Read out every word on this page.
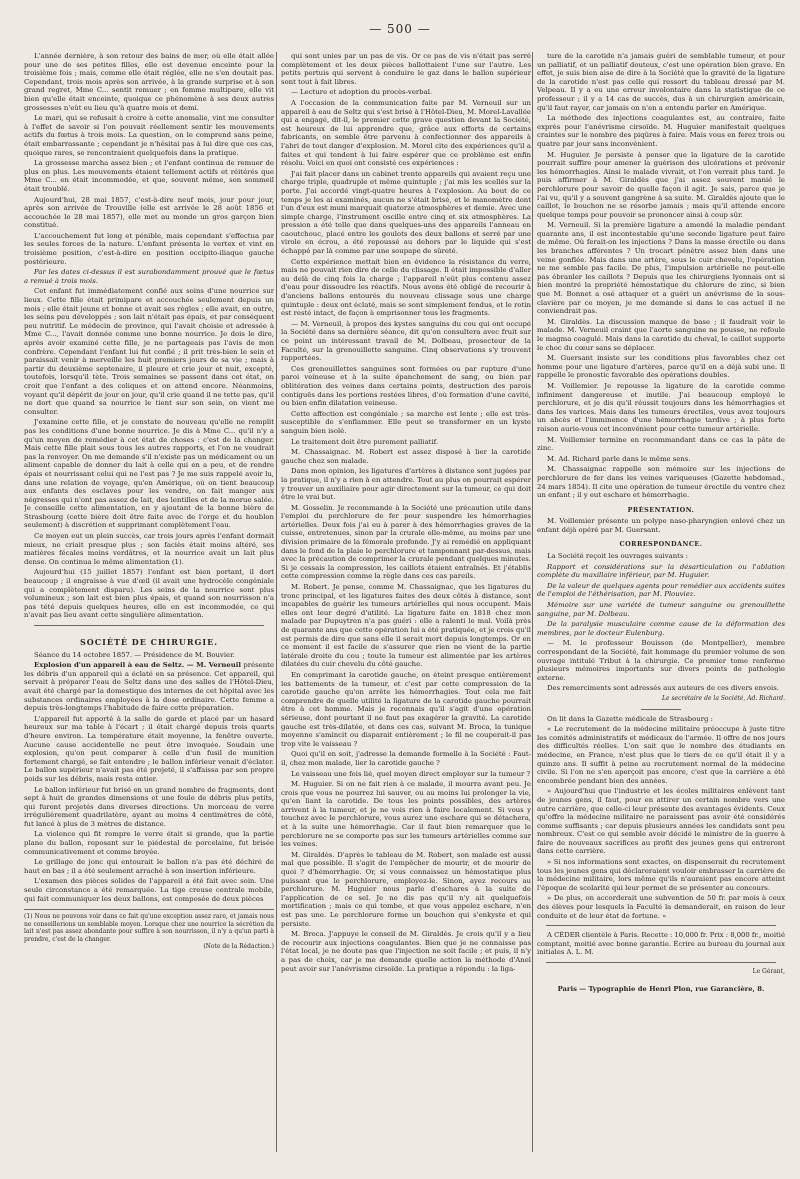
— 500 —

L'année dernière, à son retour des bains de mer, où elle était allée pour une de ses petites filles, elle est devenue enceinte pour la troisième fois ; mais, comme elle était réglée, elle ne s'en doutait pas. Cependant, trois mois après son arrivée, à la grande surprise et à son grand regret, Mme C... sentit remuer ; en femme multipare, elle vit bien qu'elle était enceinte, quoique ce phénomène à ses deux autres grossesses n'eût eu lieu qu'à quatre mois et demi.

Le mari, qui se refusait à croire à cette anomalie, vint me consulter à l'effet de savoir si l'on pouvait réellement sentir les mouvements actifs du fœtus à trois mois. La question, on le comprend sans peine, était embarrassante ; cependant je n'hésitai pas à lui dire que ces cas, quoique rares, se rencontraient quelquefois dans la pratique.

La grossesse marcha assez bien ; et l'enfant continua de remuer de plus en plus. Les mouvements étaient tellement actifs et réitérés que Mme C... en était incommodée, et que, souvent même, son sommeil était troublé.

Aujourd'hui, 28 mai 1857, c'est-à-dire neuf mois, jour pour jour, après son arrivée de Trouville (elle est arrivée le 28 août 1856 et accouchée le 28 mai 1857), elle met au monde un gros garçon bien constitué.

L'accouchement fut long et pénible, mais cependant s'effectua par les seules forces de la nature. L'enfant présenta le vertex et vint en troisième position, c'est-à-dire en position occipito-iliaque gauche postérieure.

Par les dates ci-dessus il est surabondamment prouvé que le fœtus a remué à trois mois.

Cet enfant fut immédiatement confié aux soins d'une nourrice sur lieux. Cette fille était primipare et accouchée seulement depuis un mois ; elle était jeune et bonne et avait ses règles ; elle avait, en outre, les seins peu développés ; son lait n'était pas épais, et par conséquent peu nutritif. Le médecin de province, qui l'avait choisie et adressée à Mme C..., l'avait donnée comme une bonne nourrice. Je dois le dire, après avoir examiné cette fille, je ne partageais pas l'avis de mon confrère. Cependant l'enfant lui fut confié ; il prit très-bien le sein et paraissait venir à merveille les huit premiers jours de sa vie ; mais à partir du deuxième septenaire, il pleure et crie jour et nuit, excepté, toutefois, lorsqu'il tète. Trois semaines se passent dans cet état, on croit que l'enfant a des coliques et on attend encore. Néanmoins, voyant qu'il dépérit de jour en jour, qu'il crie quand il ne tette pas, qu'il ne dort que quand sa nourrice le tient sur son sein, on vient me consulter.

J'examine cette fille, et je constate de nouveau qu'elle ne remplit pas les conditions d'une bonne nourrice. Je dis à Mme C... qu'il n'y a qu'un moyen de remédier à cet état de choses : c'est de la changer. Mais cette fille plait sous tous les autres rapports, et l'on ne voudrait pas la renvoyer. On me demande s'il n'existe pas un médicament ou un aliment capable de donner du lait à celle qui en a peu, et de rendre épais et nourrissant celui qui ne l'est pas ? Je me suis rappelé avoir lu, dans une relation de voyage, qu'en Amérique, où on tient beaucoup aux enfants des esclaves pour les vendre, on fait manger aux négresses qui n'ont pas assez de lait, des lentilles et de la morue salée. Je conseille cette alimentation, en y ajoutant de la bonne bière de Strasbourg (cette bière doit être faite avec de l'orge et du houblon seulement) à discrétion et supprimant complètement l'eau.

Ce moyen eut un plein succès, car trois jours après l'enfant dormait mieux, ne criait presque plus ; son faciès était moins altéré, ses matières fécales moins verdâtres, et la nourrice avait un lait plus dense. On continua le même alimentation (1).

Aujourd'hui (15 juillet 1857) l'enfant est bien portant, il dort beaucoup ; il engraisse à vue d'œil (il avait une hydrocèle congéniale qui a complètement disparu). Les seins de la nourrice sont plus volumineux ; son lait est bien plus épais, et quand son nourrisson n'a pas tété depuis quelques heures, elle en est incommodée, ce qui n'avait pas lieu avant cette singulière alimentation.

SOCIÉTÉ DE CHIRURGIE.

Séance du 14 octobre 1857. — Présidence de M. Bouvier.

Explosion d'un appareil à eau de Seltz. — M. Verneuil présente les débris d'un appareil qui a éclaté en sa présence. Cet appareil, qui servait à préparer l'eau de Seltz dans une des salles de l'Hôtel-Dieu, avait été chargé par la domestique des internes de cet hôpital avec les substances ordinaires employées à la dose ordinaire. Cette femme a depuis très-longtemps l'habitude de faire cette préparation.

L'appareil fut apporté à la salle de garde et placé par un hasard heureux sur ma table à l'écart ; il était chargé depuis trois quarts d'heure environ. La température était moyenne, la fenêtre ouverte. Aucune cause accidentelle ne peut être invoquée. Soudain une explosion, qu'on peut comparer à celle d'un fusil de munition fortement chargé, se fait entendre ; le ballon inférieur venait d'éclater. Le ballon supérieur n'avait pas été projeté, il s'affaissa par son propre poids sur les débris, mais resta entier.

Le ballon inférieur fut brisé en un grand nombre de fragments, dont sept à huit de grandes dimensions et une foule de débris plus petits, qui furent projetés dans diverses directions. Un morceau de verre irrégulièrement quadrilatère, ayant au moins 4 centimètres de côté, fut lancé à plus de 3 mètres de distance.

La violence qui fit rompre le verre était si grande, que la partie plane du ballon, reposant sur le piédestal de porcelaine, fut brisée communicativement et comme broyée.

Le grillage de jonc qui entourait le ballon n'a pas été déchiré de haut en bas ; il a été seulement arraché à son insertion inférieure.

L'examen des pièces solides de l'appareil a été fait avec soin. Une seule circonstance a été remarquée. La tige creuse centrale mobile, qui fait communiquer les deux ballons, est composée de deux pièces

(1) Nous ne pouvons voir dans ce fait qu'une exception assez rare, et jamais nous ne conseillerions un semblable moyen. Lorsque chez une nourrice la sécrétion du lait n'est pas assez abondante pour suffire à son nourrisson, il n'y a qu'un parti à prendre, c'est de la changer.
(Note de la Rédaction.)

qui sont unies par un pas de vis. Or ce pas de vis n'était pas serré complètement et les deux pièces ballottaient l'une sur l'autre. Les petits pertuis qui servent à conduire le gaz dans le ballon supérieur sont tout à fait libres.

— Lecture et adoption du procès-verbal.

A l'occasion de la communication faite par M. Verneuil sur un appareil à eau de Seltz qui s'est brisé à l'Hôtel-Dieu, M. Morel-Lavallée qui a engagé, dit-il, le premier cette grave question devant la Société, est heureux de lui apprendre que, grâce aux efforts de certains fabricants, on semble être parvenu à confectionner des appareils à l'abri de tout danger d'explosion. M. Morel cite des expériences qu'il a faites et qui tendent à lui faire espérer que ce problème est enfin résolu. Voici en quoi ont consisté ces expériences :

J'ai fait placer dans un cabinet trente appareils qui avaient reçu une charge triple, quadruple et même quintuple ; j'ai mis les scellés sur la porte. J'ai accordé vingt-quatre heures à l'explosion. Au bout de ce temps je les ai examinés, aucun ne s'était brisé, et le manomètre dont l'un d'eux est muni marquait quatorze atmosphères et demie. Avec une simple charge, l'instrument oscille entre cinq et six atmosphères. La pression a été telle que dans quelques-uns des appareils l'anneau en caoutchouc, placé entre les goulots des deux ballons et serré par une virole en écrou, a été repoussé au dehors par le liquide qui s'est échappé par là comme par une soupape de sûreté.

Cette expérience mettait bien en évidence la résistance du verre, mais ne pouvait rien dire de celle du clissage. Il était impossible d'aller au delà de cinq fois la charge ; l'appareil n'eût plus contenu assez d'eau pour dissoudre les réactifs. Nous avons été obligé de recourir à d'anciens ballons entourés du nouveau clissage sous une charge quintuple : deux ont éclaté, mais se sont simplement fendus, et le rotin est resté intact, de façon à emprisonner tous les fragments.

— M. Verneuil, à propos des kystes sanguins du cou qui ont occupé la Société dans sa dernière séance, dit qu'on consultera avec fruit sur ce point un intéressant travail de M. Dolbeau, prosecteur de la Faculté, sur la grenouillette sanguine. Cinq observations s'y trouvent rapportées.

Ces grenouillettes sanguines sont formées ou par rupture d'une paroi veineuse et à la suite épanchement de sang, ou bien par oblitération des veines dans certains points, destruction des parois contiguës dans les portions restées libres, d'où formation d'une cavité, ou bien enfin dilatation veineuse.

Cette affection est congéniale ; sa marche est lente ; elle est très-susceptible de s'enflammer. Elle peut se transformer en un kyste sanguin bien isolé.

Le traitement doit être purement palliatif.

M. Chassaignac. M. Robert est assez disposé à lier la carotide gauche chez son malade.

Dans mon opinion, les ligatures d'artères à distance sont jugées par la pratique, il n'y a rien à en attendre. Tout au plus on pourrait espérer y trouver un auxiliaire pour agir directement sur la tumeur, ce qui doit être le vrai but.

M. Gosselin. Je recommande à la Société une précaution utile dans l'emploi du perchlorure de fer pour suspendre les hémorrhagies artérielles. Deux fois j'ai eu à parer à des hémorrhagies graves de la cuisse, entretenues, sinon par la crurale elle-même, au moins par une division primaire de la fémorale profonde. J'y ai remédié en appliquant dans le fond de la plaie le perchlorure et tamponnant par-dessus, mais avec la précaution de comprimer la crurale pendant quelques minutes. Si je cessais la compression, les caillots étaient entraînés. Et j'établis cette compression comme la règle dans ces cas pareils.

M. Robert. Je pense, comme M. Chassaignac, que les ligatures du tronc principal, et les ligatures faites des deux côtés à distance, sont incapables de guérir les tumeurs artérielles qui nous occupent. Mais elles ont leur degré d'utilité. La ligature faite en 1818 chez mon malade par Dupuytren n'a pas guéri : elle a ralenti le mal. Voilà près de quarante ans que cette opération lui a été pratiquée, et je crois qu'il est permis de dire que sans elle il serait mort depuis longtemps. Or en ce moment il est facile de s'assurer que rien ne vient de la partie latérale droite du cou ; toute la tumeur est alimentée par les artères dilatées du cuir chevelu du côté gauche.

En comprimant la carotide gauche, on éteint presque entièrement les battements de la tumeur, et c'est par cette compression de la carotide gauche qu'on arrête les hémorrhagies. Tout cela me fait comprendre de quelle utilité la ligature de la carotide gauche pourrait être à cet homme. Mais je reconnais qu'il s'agit d'une opération sérieuse, dont pourtant il ne faut pas exagérer la gravité. La carotide gauche est très-dilatée, et dans ces cas, suivant M. Broca, la tunique moyenne s'amincit ou disparait entièrement ; le fil ne couperait-il pas trop vite le vaisseau ?

Quoi qu'il en soit, j'adresse la demande formelle à la Société : Faut-il, chez mon malade, lier la carotide gauche ?

Le vaisseau une fois lié, quel moyen direct employer sur la tumeur ?

M. Huguier. Si on ne fait rien à ce malade, il mourra avant peu. Je crois que vous ne pourrez lui sauver, ou au moins lui prolonger la vie, qu'en liant la carotide. De tous les points possibles, des artères arrivent à la tumeur, et je ne vois rien à faire localement. Si vous y touchez avec le perchlorure, vous aurez une eschare qui se détachera, et à la suite une hémorrhagie. Car il faut bien remarquer que le perchlorure ne se comporte pas sur les tumeurs artérielles comme sur les veines.

M. Giraldès. D'après le tableau de M. Robert, son malade est aussi mal que possible. Il s'agit de l'empêcher de mourir, et de mourir de quoi ? d'hémorrhagie. Or, si vous connaissez un hémostatique plus puissant que le perchlorure, employez-le. Sinon, ayez recours au perchlorure. M. Huguier nous parle d'eschares à la suite de l'application de ce sel. Je ne dis pas qu'il n'y ait quelquefois mortification ; mais ce qui tombe, et que vous appelez eschare, n'en est pas une. Le perchlorure forme un bouchon qui s'enkyste et qui persiste.

M. Broca. J'appuye le conseil de M. Giraldès. Je crois qu'il y a lieu de recourir aux injections coagulantes. Bien que je ne connaisse pas l'état local, je ne doute pas que l'injection ne soit facile ; et puis, il n'y a pas de choix, car je me demande quelle action la méthode d'Anel peut avoir sur l'anévrisme cirsoïde. La pratique a répondu : la liga-

ture de la carotide n'a jamais guéri de semblable tumeur, et pour un palliatif, et un palliatif douteux, c'est une opération bien grave. En effet, je suis bien aise de dire à la Société que la gravité de la ligature de la carotide n'est pas celle qui ressort du tableau dressé par M. Velpeau. Il y a eu une erreur involontaire dans la statistique de ce professeur ; il y a 14 cas de succès, dus à un chirurgien américain, qu'il faut rayer, car jamais on n'en a entendu parler en Amérique.

La méthode des injections coagulantes est, au contraire, faite exprès pour l'anévrisme cirsoïde. M. Huguier manifestait quelques craintes sur le nombre des piqûres à faire. Mais vous en ferez trois ou quatre par jour sans inconvénient.

M. Huguier. Je persiste à penser que la ligature de la carotide pourrait suffire pour amener la guérison des ulcérations et prévenir les hémorrhagies. Ainsi le malade vivrait, et l'on verrait plus tard. Je puis affirmer à M. Giraldès que j'ai assez souvent manié le perchlorure pour savoir de quelle façon il agit. Je sais, parce que je l'ai vu, qu'il y a souvent gangrène à sa suite. M. Giraldès ajoute que le caillot, le bouchon ne se résorbe jamais ; mais qu'il attende encore quelque temps pour pouvoir se prononcer ainsi à coup sûr.

M. Verneuil. Si la première ligature a amendé la maladie pendant quarante ans, il est incontestable qu'une seconde ligature peut faire de même. Où ferait-on les injections ? Dans la masse érectile ou dans les branches afférentes ? Un trocart pénètre assez bien dans une veine gonflée. Mais dans une artère, sous le cuir chevelu, l'opération ne me semble pas facile. De plus, l'impulsion artérielle ne peut-elle pas ébranler les caillots ? Depuis que les chirurgiens lyonnais ont si bien montré la propriété hémostatique du chlorure de zinc, si bien que M. Bonnet a osé attaquer et a guéri un anévrisme de la sous-clavière par ce moyen, je me demande si dans le cas actuel il ne conviendrait pas.

M. Giraldès. La discussion manque de base ; il faudrait voir le malade. M. Verneuil craint que l'aorte sanguine ne pousse, ne refoule le magma coagulé. Mais dans la carotide du cheval, le caillot supporte le choc du cœur sans se déplacer.

M. Guersant insiste sur les conditions plus favorables chez cet homme pour une ligature d'artères, parce qu'il en a déjà subi une. Il rappelle le pronostic favorable des opérations doubles.

M. Voillemier. Je repousse la ligature de la carotide comme infiniment dangereuse et inutile. J'ai beaucoup employé le perchlorure, et je dis qu'il réussit toujours dans les hémorrhagies et dans les varices. Mais dans les tumeurs érectiles, vous avez toujours un abcès et l'imminence d'une hémorrhagie tardive ; à plus forte raison aurie-vous cet inconvénient pour cette tumeur artérielle.

M. Voillemier termine en recommandant dans ce cas la pâte de zinc.

M. Ad. Richard parle dans le même sens.

M. Chassaignac rappelle son mémoire sur les injections de perchlorure de fer dans les veines variqueuses (Gazette hebdomad., 24 mars 1854). Il cite une opération de tumeur érectile du ventre chez un enfant ; il y eut eschare et hémorrhagie.

PRÉSENTATION.

M. Voillemier présente un polype naso-pharyngien enlevé chez un enfant déjà opéré par M. Guersant.

CORRESPONDANCE.

La Société reçoit les ouvrages suivants :

Rapport et considérations sur la désarticulation ou l'ablation complète du maxillaire inférieur, par M. Huguier.

De la valeur de quelques agents pour remédier aux accidents suites de l'emploi de l'éthérisation, par M. Plouviez.

Mémoire sur une variété de tumeur sanguine ou grenouillette sanguine, par M. Dolbeau.

De la paralysie musculaire comme cause de la déformation des membres, par le docteur Eulenburg.

— M. le professeur Bouisson (de Montpellier), membre correspondant de la Société, fait hommage du premier volume de son ouvrage intitulé Tribut à la chirurgie. Ce premier tome renferme plusieurs mémoires importants sur divers points de pathologie externe.

Des remerciments sont adressés aux auteurs de ces divers envois.

Le secrétaire de la Société, Ad. Richard.

On lit dans la Gazette médicale de Strasbourg :

« Le recrutement de la médecine militaire préoccupe à juste titre les comités administratifs et médicaux de l'armée. Il offre de nos jours des difficultés réelles. L'on sait que le nombre des étudiants en médecine, en France, n'est plus que le tiers de ce qu'il était il y a quinze ans. Il suffit à peine au recrutement normal de la médecine civile. Si l'on ne s'en aperçoit pas encore, c'est que la carrière a été encombrée pendant bien des années.

» Aujourd'hui que l'industrie et les écoles militaires enlèvent tant de jeunes gens, il faut, pour en attirer un certain nombre vers une autre carrière, que celle-ci leur présente des avantages évidents. Ceux qu'offre la médecine militaire ne paraissent pas avoir été considérés comme suffisants ; car depuis plusieurs années les candidats sont peu nombreux. C'est ce qui semble avoir décidé le ministre de la guerre à faire de nouveaux sacrifices au profit des jeunes gens qui entreront dans cette carrière.

» Si nos informations sont exactes, on dispenserait du recrutement tous les jeunes gens qui déclareraient vouloir embrasser la carrière de la médecine militaire, lors même qu'ils n'auraient pas encore atteint l'époque de scolarité qui leur permet de se présenter au concours.

» De plus, on accorderait une subvention de 50 fr. par mois à ceux des élèves pour lesquels la Faculté la demanderait, en raison de leur conduite et de leur état de fortune. »

A CÉDER clientèle à Paris. Recette : 10,000 fr. Prix : 8,000 fr., moitié comptant, moitié avec bonne garantie. Écrire au bureau du journal aux initiales A. L. M.

Le Gérant,
Paris — Typographie de Henri Plon, rue Garancière, 8.
